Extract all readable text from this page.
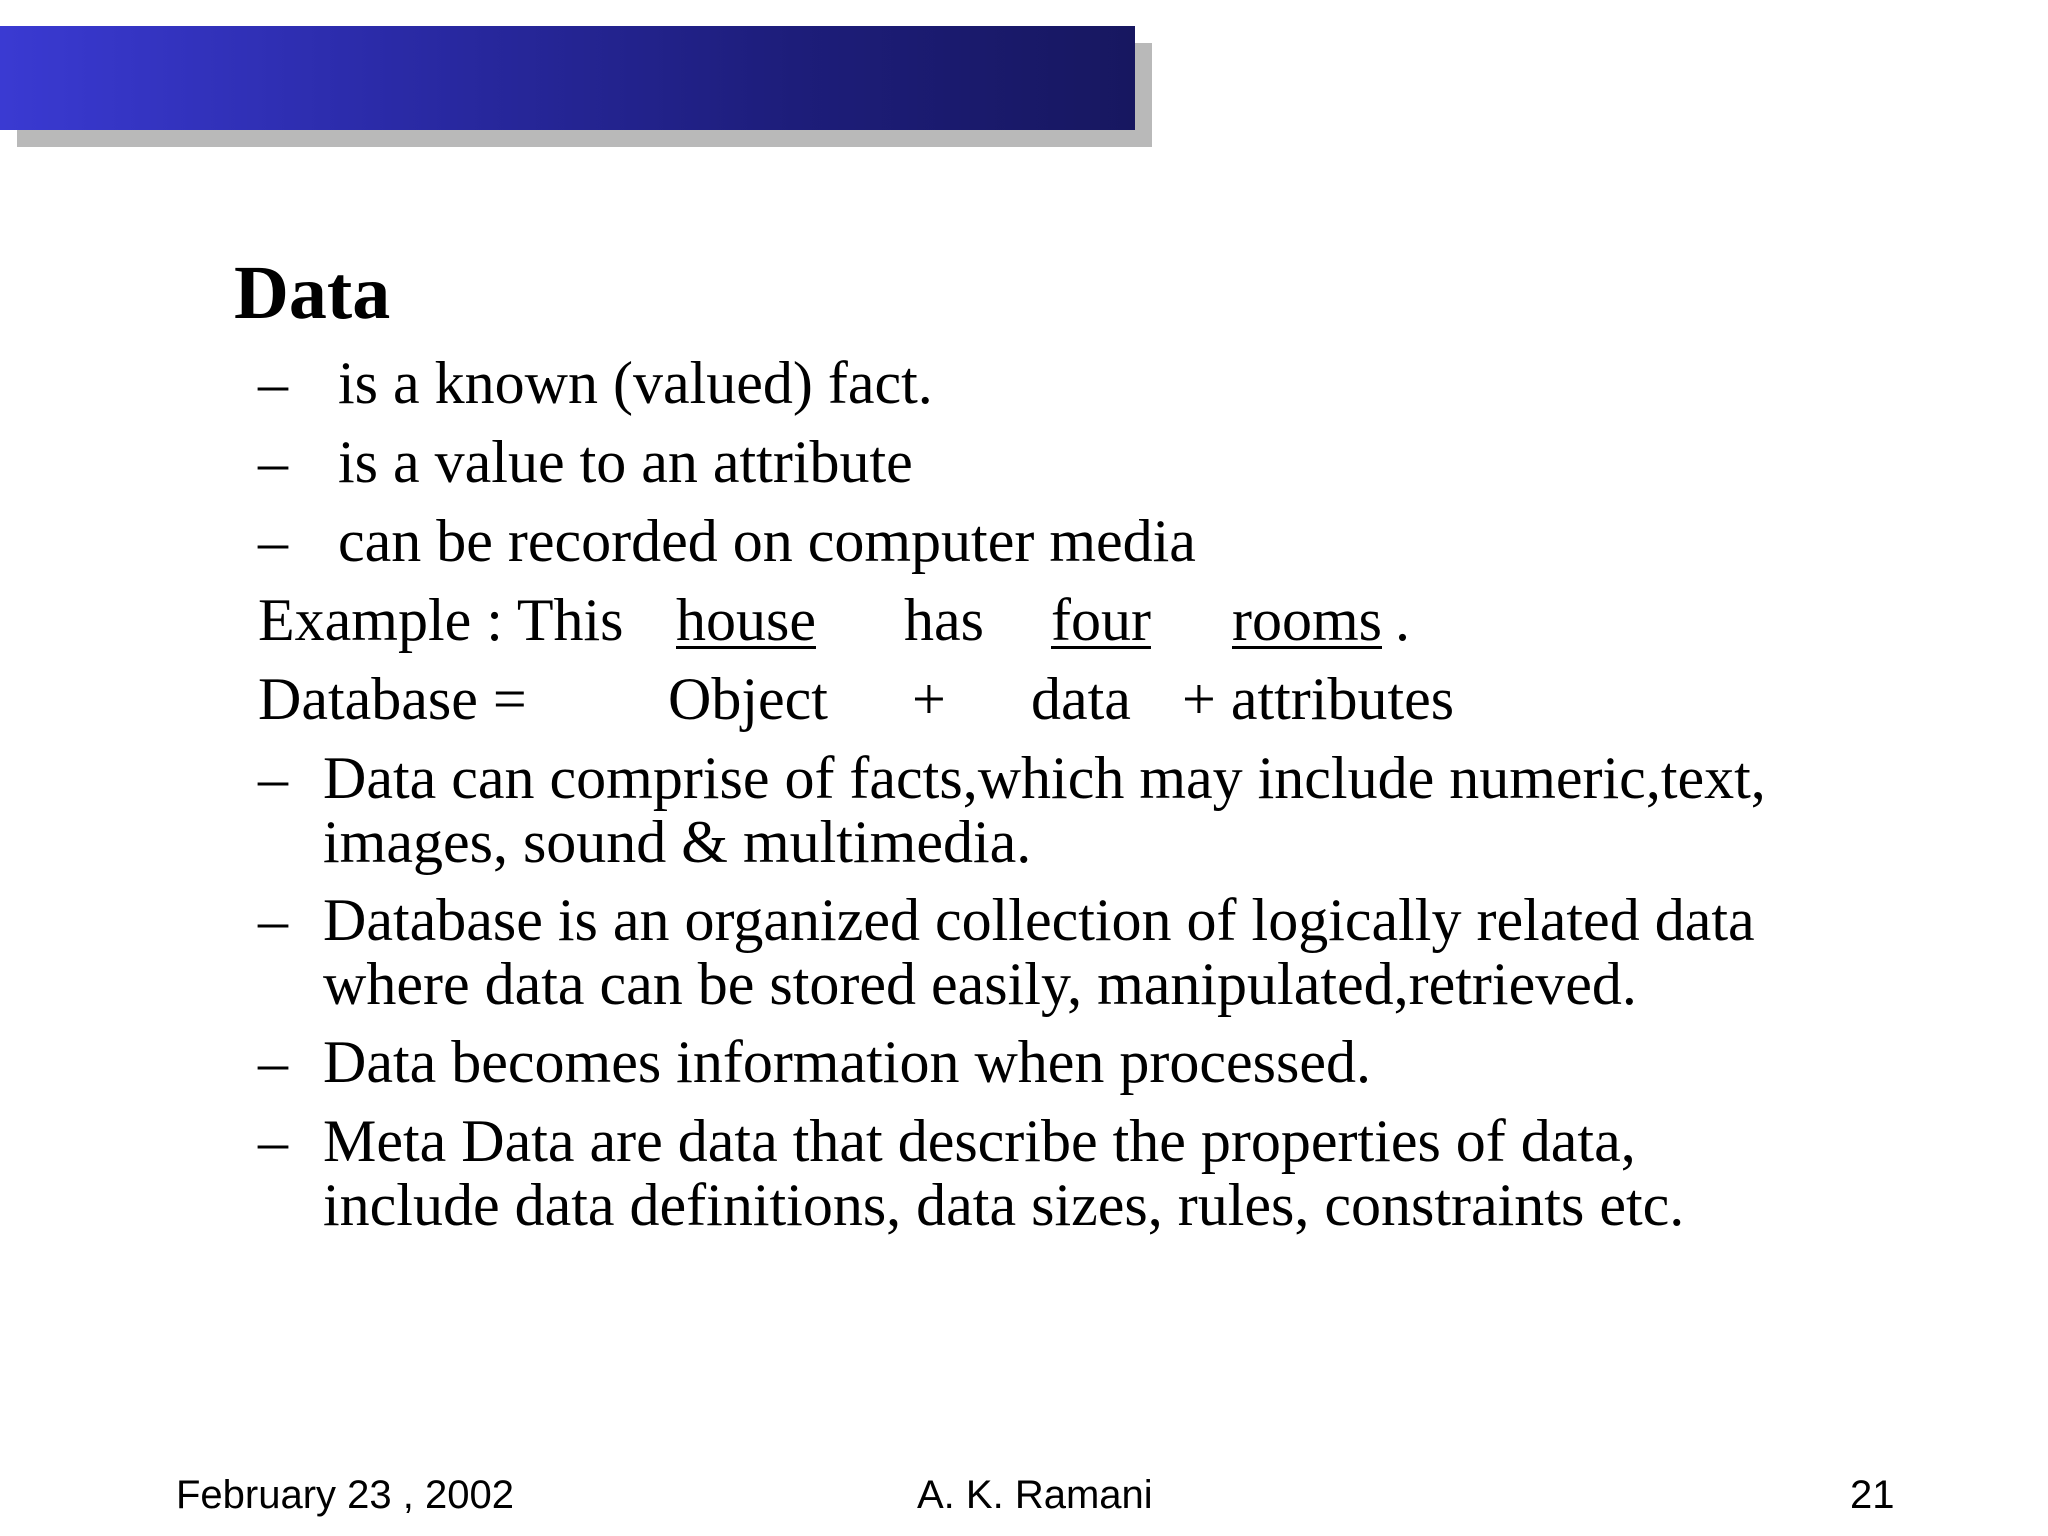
Data
– is a known (valued) fact.
– is a value to an attribute
– can be recorded on computer media
Example : This house has four rooms .
Database = Object + data + attributes
– Data can comprise of facts,which may include numeric,text,
images, sound & multimedia.
– Database is an organized collection of logically related data
where data can be stored easily, manipulated,retrieved.
– Data becomes information when processed.
– Meta Data are data that describe the properties of data,
include data definitions, data sizes, rules, constraints etc.
February 23 , 2002	A. K. Ramani	21
